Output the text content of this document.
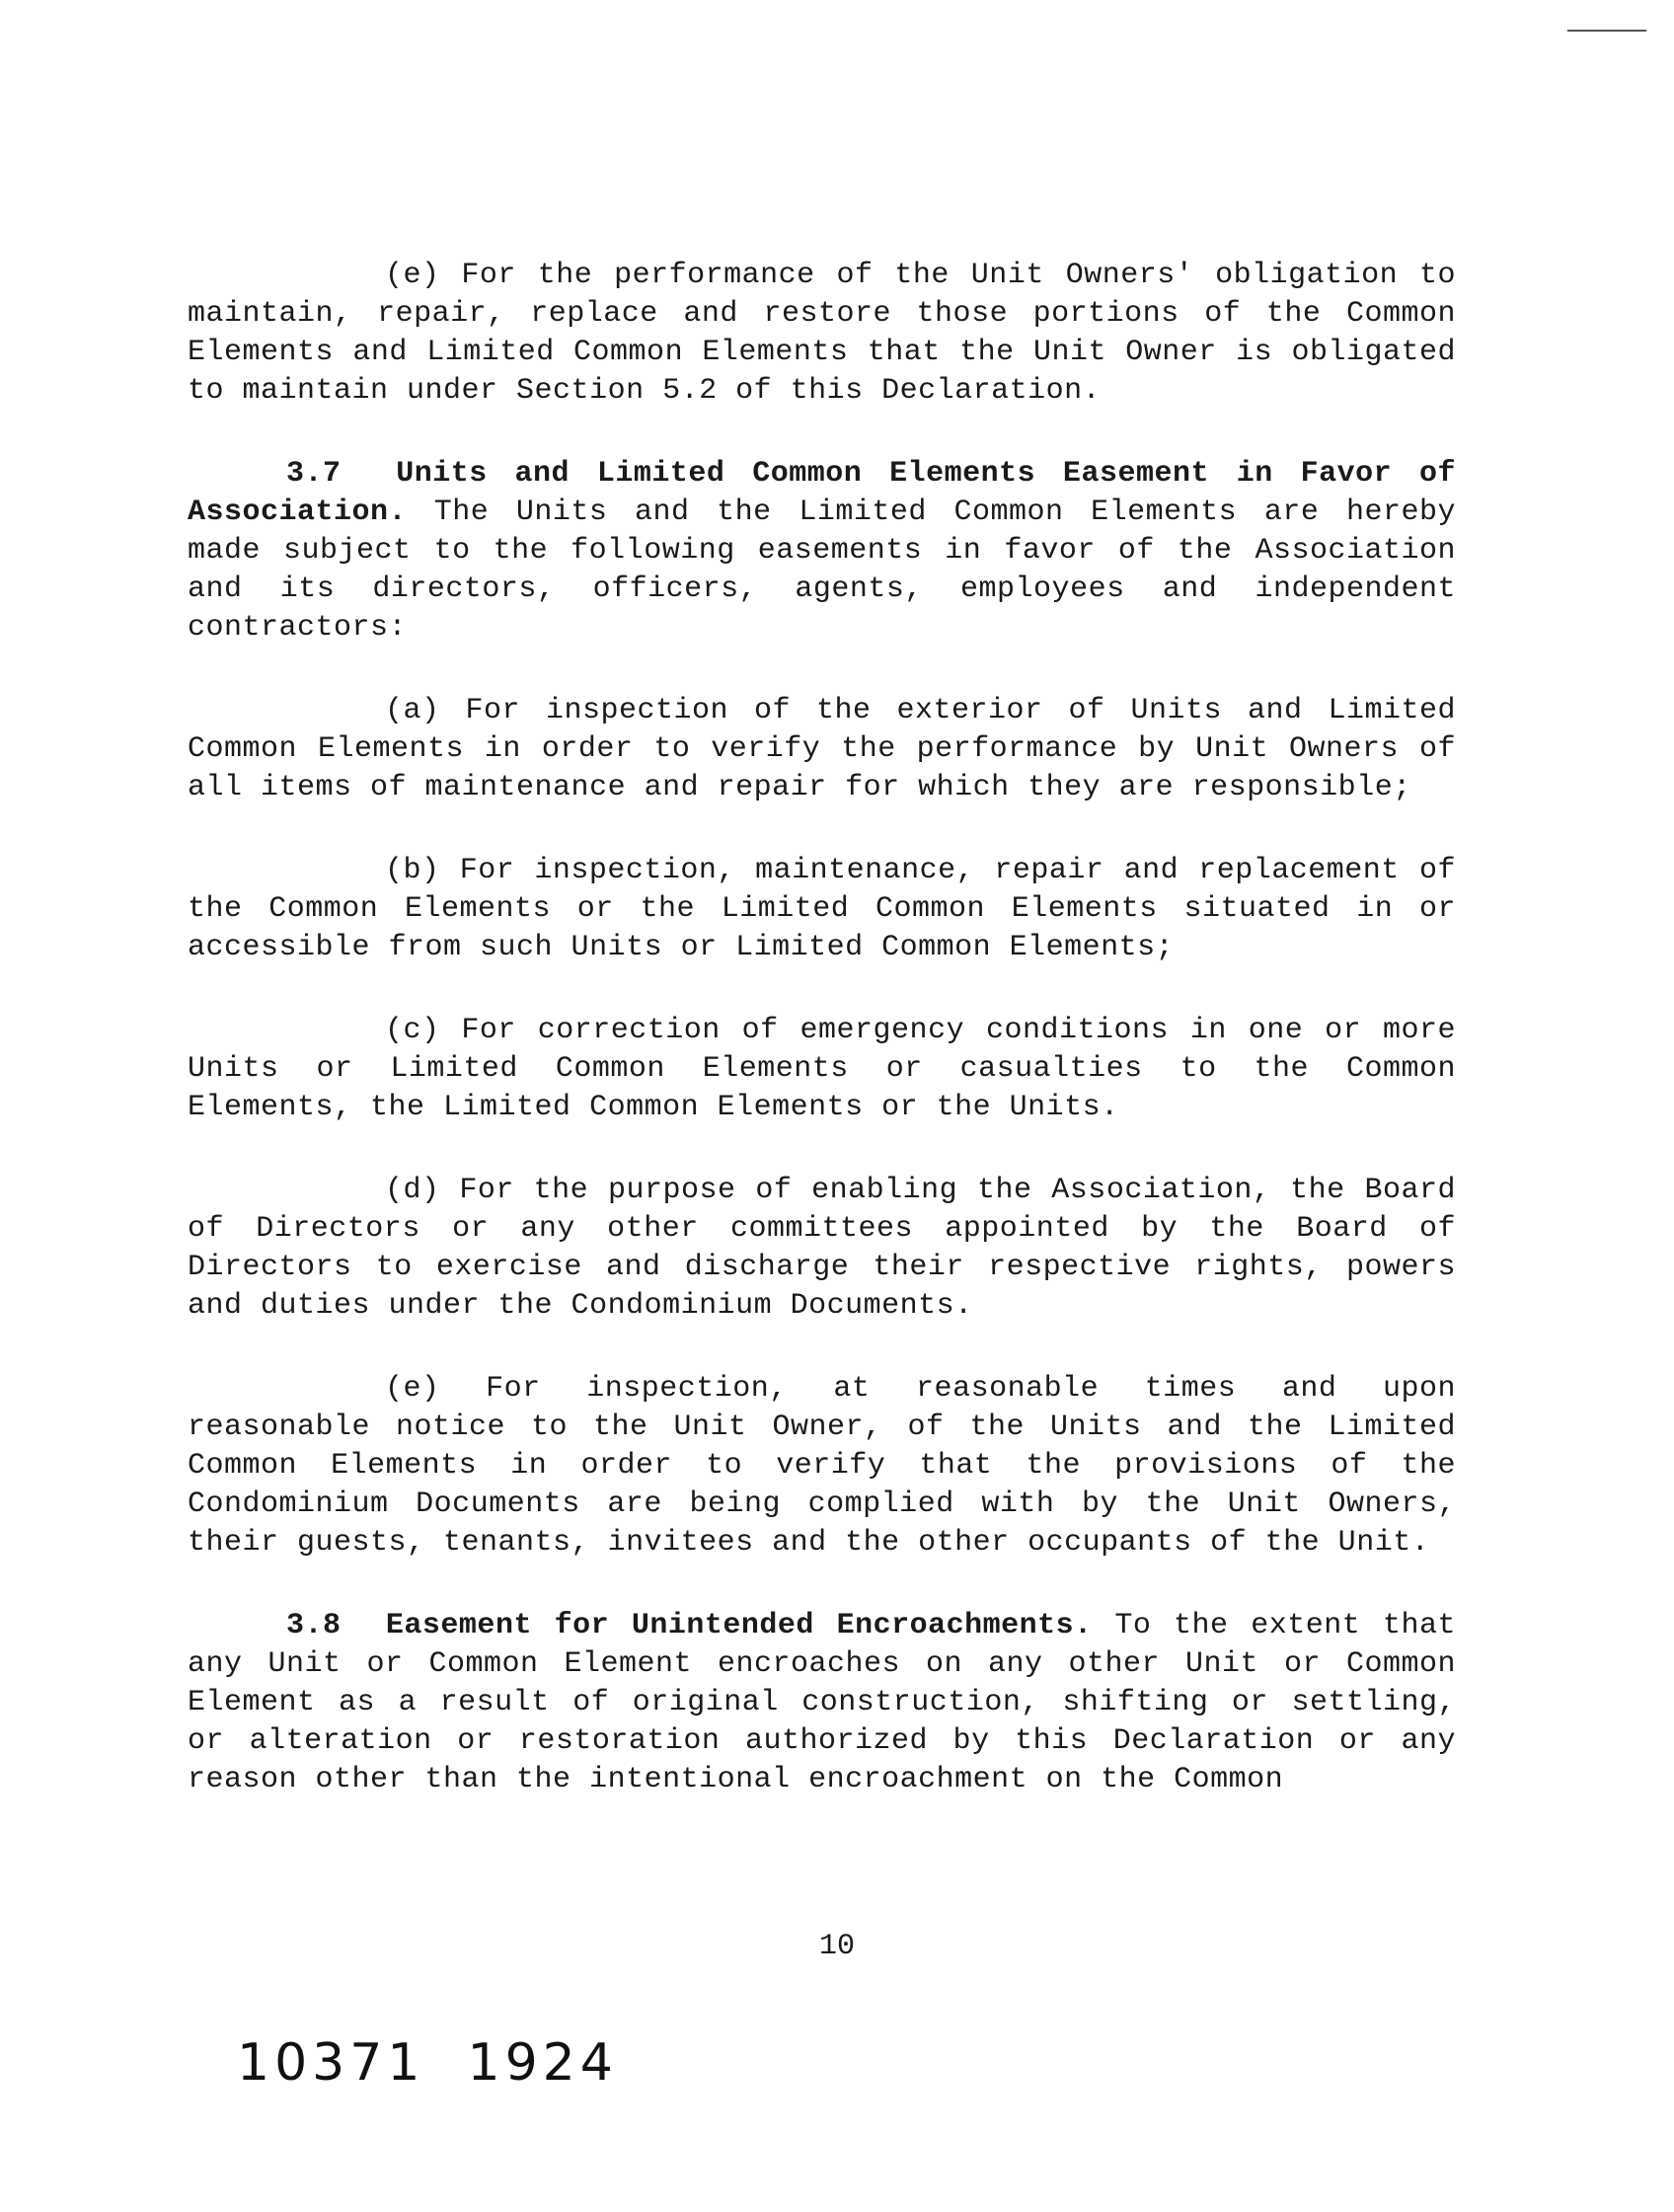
(e) For the performance of the Unit Owners' obligation to maintain, repair, replace and restore those portions of the Common Elements and Limited Common Elements that the Unit Owner is obligated to maintain under Section 5.2 of this Declaration.

3.7 Units and Limited Common Elements Easement in Favor of Association. The Units and the Limited Common Elements are hereby made subject to the following easements in favor of the Association and its directors, officers, agents, employees and independent contractors:

(a) For inspection of the exterior of Units and Limited Common Elements in order to verify the performance by Unit Owners of all items of maintenance and repair for which they are responsible;

(b) For inspection, maintenance, repair and replacement of the Common Elements or the Limited Common Elements situated in or accessible from such Units or Limited Common Elements;

(c) For correction of emergency conditions in one or more Units or Limited Common Elements or casualties to the Common Elements, the Limited Common Elements or the Units.

(d) For the purpose of enabling the Association, the Board of Directors or any other committees appointed by the Board of Directors to exercise and discharge their respective rights, powers and duties under the Condominium Documents.

(e) For inspection, at reasonable times and upon reasonable notice to the Unit Owner, of the Units and the Limited Common Elements in order to verify that the provisions of the Condominium Documents are being complied with by the Unit Owners, their guests, tenants, invitees and the other occupants of the Unit.

3.8 Easement for Unintended Encroachments. To the extent that any Unit or Common Element encroaches on any other Unit or Common Element as a result of original construction, shifting or settling, or alteration or restoration authorized by this Declaration or any reason other than the intentional encroachment on the Common

10
10371  1924
